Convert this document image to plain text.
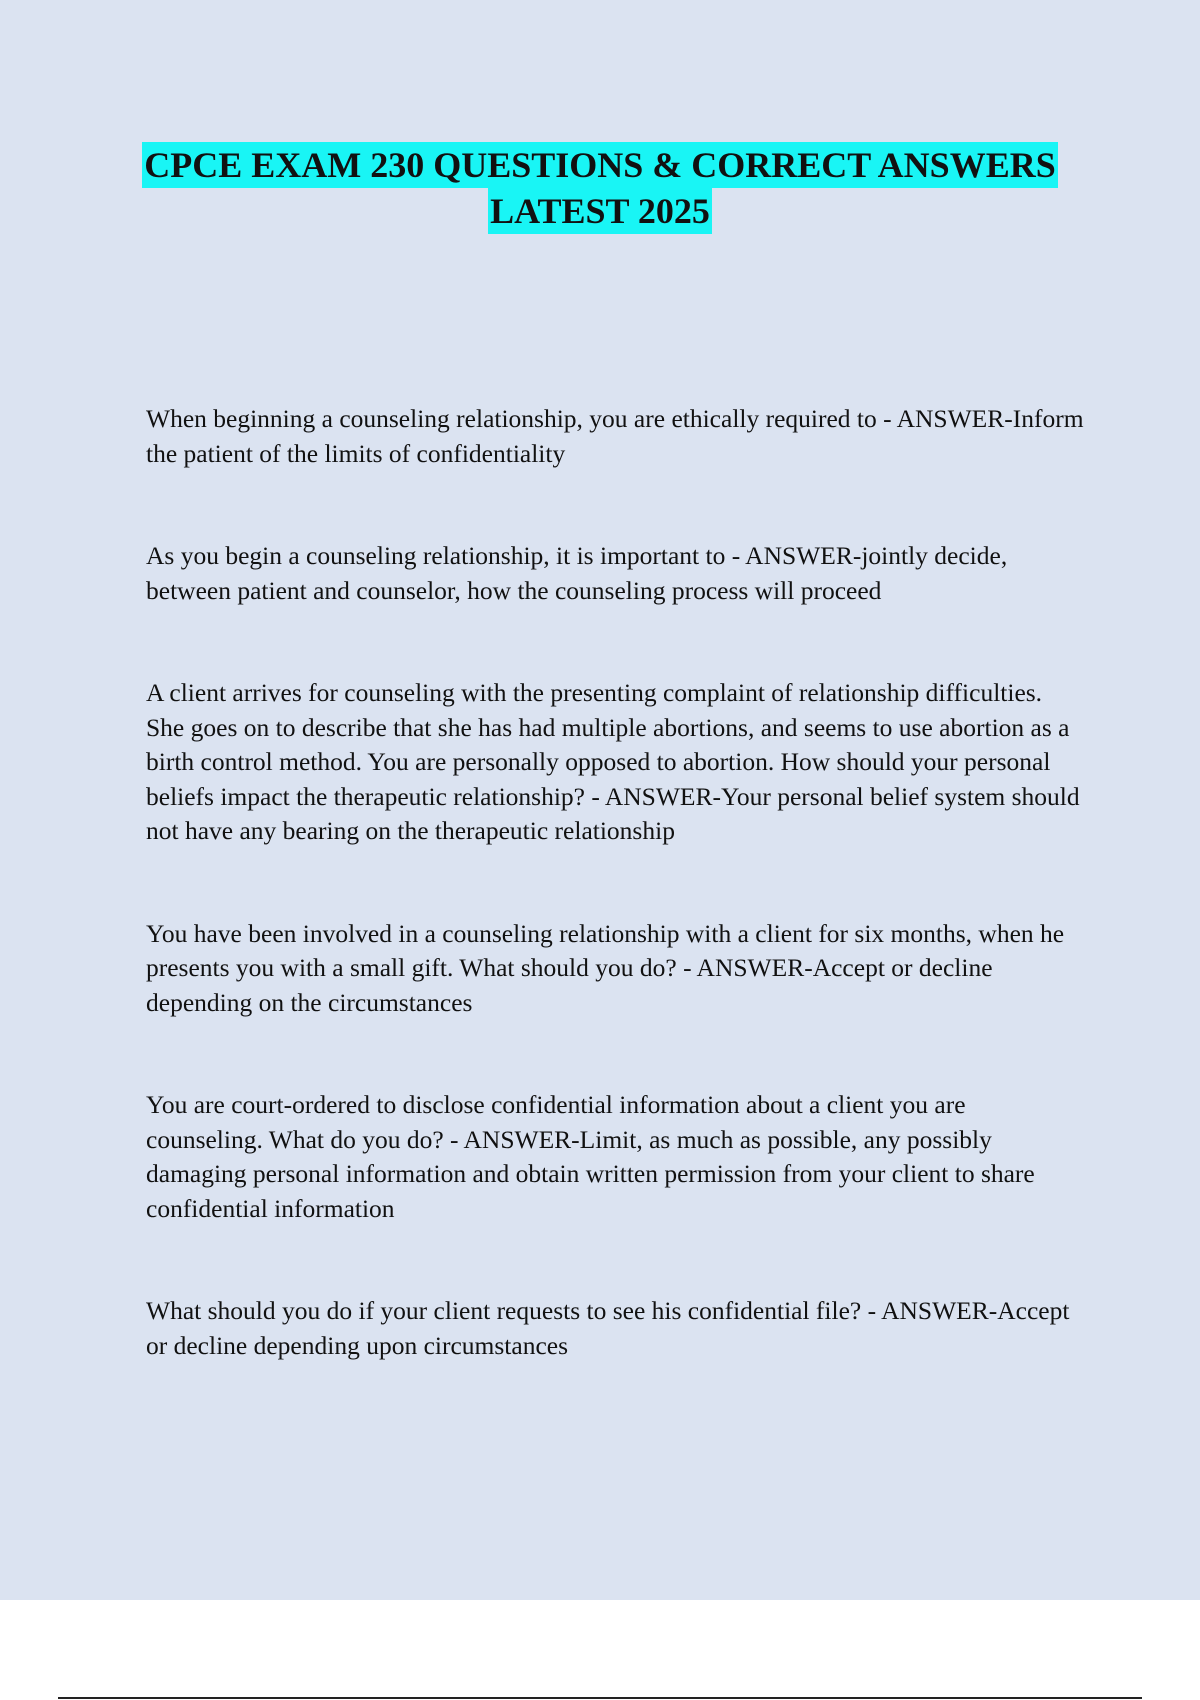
CPCE EXAM 230 QUESTIONS & CORRECT ANSWERS
LATEST 2025

When beginning a counseling relationship, you are ethically required to - ANSWER-Inform the patient of the limits of confidentiality

As you begin a counseling relationship, it is important to - ANSWER-jointly decide, between patient and counselor, how the counseling process will proceed

A client arrives for counseling with the presenting complaint of relationship difficulties. She goes on to describe that she has had multiple abortions, and seems to use abortion as a birth control method. You are personally opposed to abortion. How should your personal beliefs impact the therapeutic relationship? - ANSWER-Your personal belief system should not have any bearing on the therapeutic relationship

You have been involved in a counseling relationship with a client for six months, when he presents you with a small gift. What should you do? - ANSWER-Accept or decline depending on the circumstances

You are court-ordered to disclose confidential information about a client you are counseling. What do you do? - ANSWER-Limit, as much as possible, any possibly damaging personal information and obtain written permission from your client to share confidential information

What should you do if your client requests to see his confidential file? - ANSWER-Accept or decline depending upon circumstances
